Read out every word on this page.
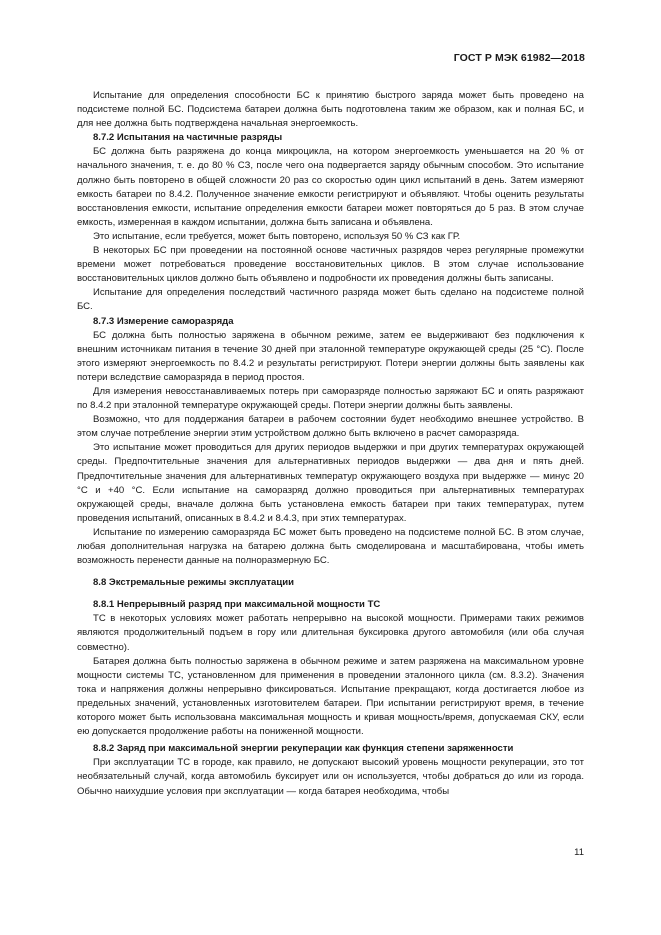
ГОСТ Р МЭК 61982—2018

Испытание для определения способности БС к принятию быстрого заряда может быть проведено на подсистеме полной БС. Подсистема батареи должна быть подготовлена таким же образом, как и полная БС, и для нее должна быть подтверждена начальная энергоемкость.

8.7.2 Испытания на частичные разряды

БС должна быть разряжена до конца микроцикла, на котором энергоемкость уменьшается на 20 % от начального значения, т. е. до 80 % СЗ, после чего она подвергается заряду обычным способом. Это испытание должно быть повторено в общей сложности 20 раз со скоростью один цикл испытаний в день. Затем измеряют емкость батареи по 8.4.2. Полученное значение емкости регистрируют и объявляют. Чтобы оценить результаты восстановления емкости, испытание определения емкости батареи может повторяться до 5 раз. В этом случае емкость, измеренная в каждом испытании, должна быть записана и объявлена.

Это испытание, если требуется, может быть повторено, используя 50 % СЗ как ГР.

В некоторых БС при проведении на постоянной основе частичных разрядов через регулярные промежутки времени может потребоваться проведение восстановительных циклов. В этом случае использование восстановительных циклов должно быть объявлено и подробности их проведения должны быть записаны.

Испытание для определения последствий частичного разряда может быть сделано на подсистеме полной БС.

8.7.3 Измерение саморазряда

БС должна быть полностью заряжена в обычном режиме, затем ее выдерживают без подключения к внешним источникам питания в течение 30 дней при эталонной температуре окружающей среды (25 °С). После этого измеряют энергоемкость по 8.4.2 и результаты регистрируют. Потери энергии должны быть заявлены как потери вследствие саморазряда в период простоя.

Для измерения невосстанавливаемых потерь при саморазряде полностью заряжают БС и опять разряжают по 8.4.2 при эталонной температуре окружающей среды. Потери энергии должны быть заявлены.

Возможно, что для поддержания батареи в рабочем состоянии будет необходимо внешнее устройство. В этом случае потребление энергии этим устройством должно быть включено в расчет саморазряда.

Это испытание может проводиться для других периодов выдержки и при других температурах окружающей среды. Предпочтительные значения для альтернативных периодов выдержки — два дня и пять дней. Предпочтительные значения для альтернативных температур окружающего воздуха при выдержке — минус 20 °С и +40 °С. Если испытание на саморазряд должно проводиться при альтернативных температурах окружающей среды, вначале должна быть установлена емкость батареи при таких температурах, путем проведения испытаний, описанных в 8.4.2 и 8.4.3, при этих температурах.

Испытание по измерению саморазряда БС может быть проведено на подсистеме полной БС. В этом случае, любая дополнительная нагрузка на батарею должна быть смоделирована и масштабирована, чтобы иметь возможность перенести данные на полноразмерную БС.

8.8 Экстремальные режимы эксплуатации

8.8.1 Непрерывный разряд при максимальной мощности ТС

ТС в некоторых условиях может работать непрерывно на высокой мощности. Примерами таких режимов являются продолжительный подъем в гору или длительная буксировка другого автомобиля (или оба случая совместно).

Батарея должна быть полностью заряжена в обычном режиме и затем разряжена на максимальном уровне мощности системы ТС, установленном для применения в проведении эталонного цикла (см. 8.3.2). Значения тока и напряжения должны непрерывно фиксироваться. Испытание прекращают, когда достигается любое из предельных значений, установленных изготовителем батареи. При испытании регистрируют время, в течение которого может быть использована максимальная мощность и кривая мощность/время, допускаемая СКУ, если ею допускается продолжение работы на пониженной мощности.

8.8.2 Заряд при максимальной энергии рекуперации как функция степени заряженности

При эксплуатации ТС в городе, как правило, не допускают высокий уровень мощности рекуперации, это тот необязательный случай, когда автомобиль буксирует или он используется, чтобы добраться до или из города. Обычно наихудшие условия при эксплуатации — когда батарея необходима, чтобы

11
